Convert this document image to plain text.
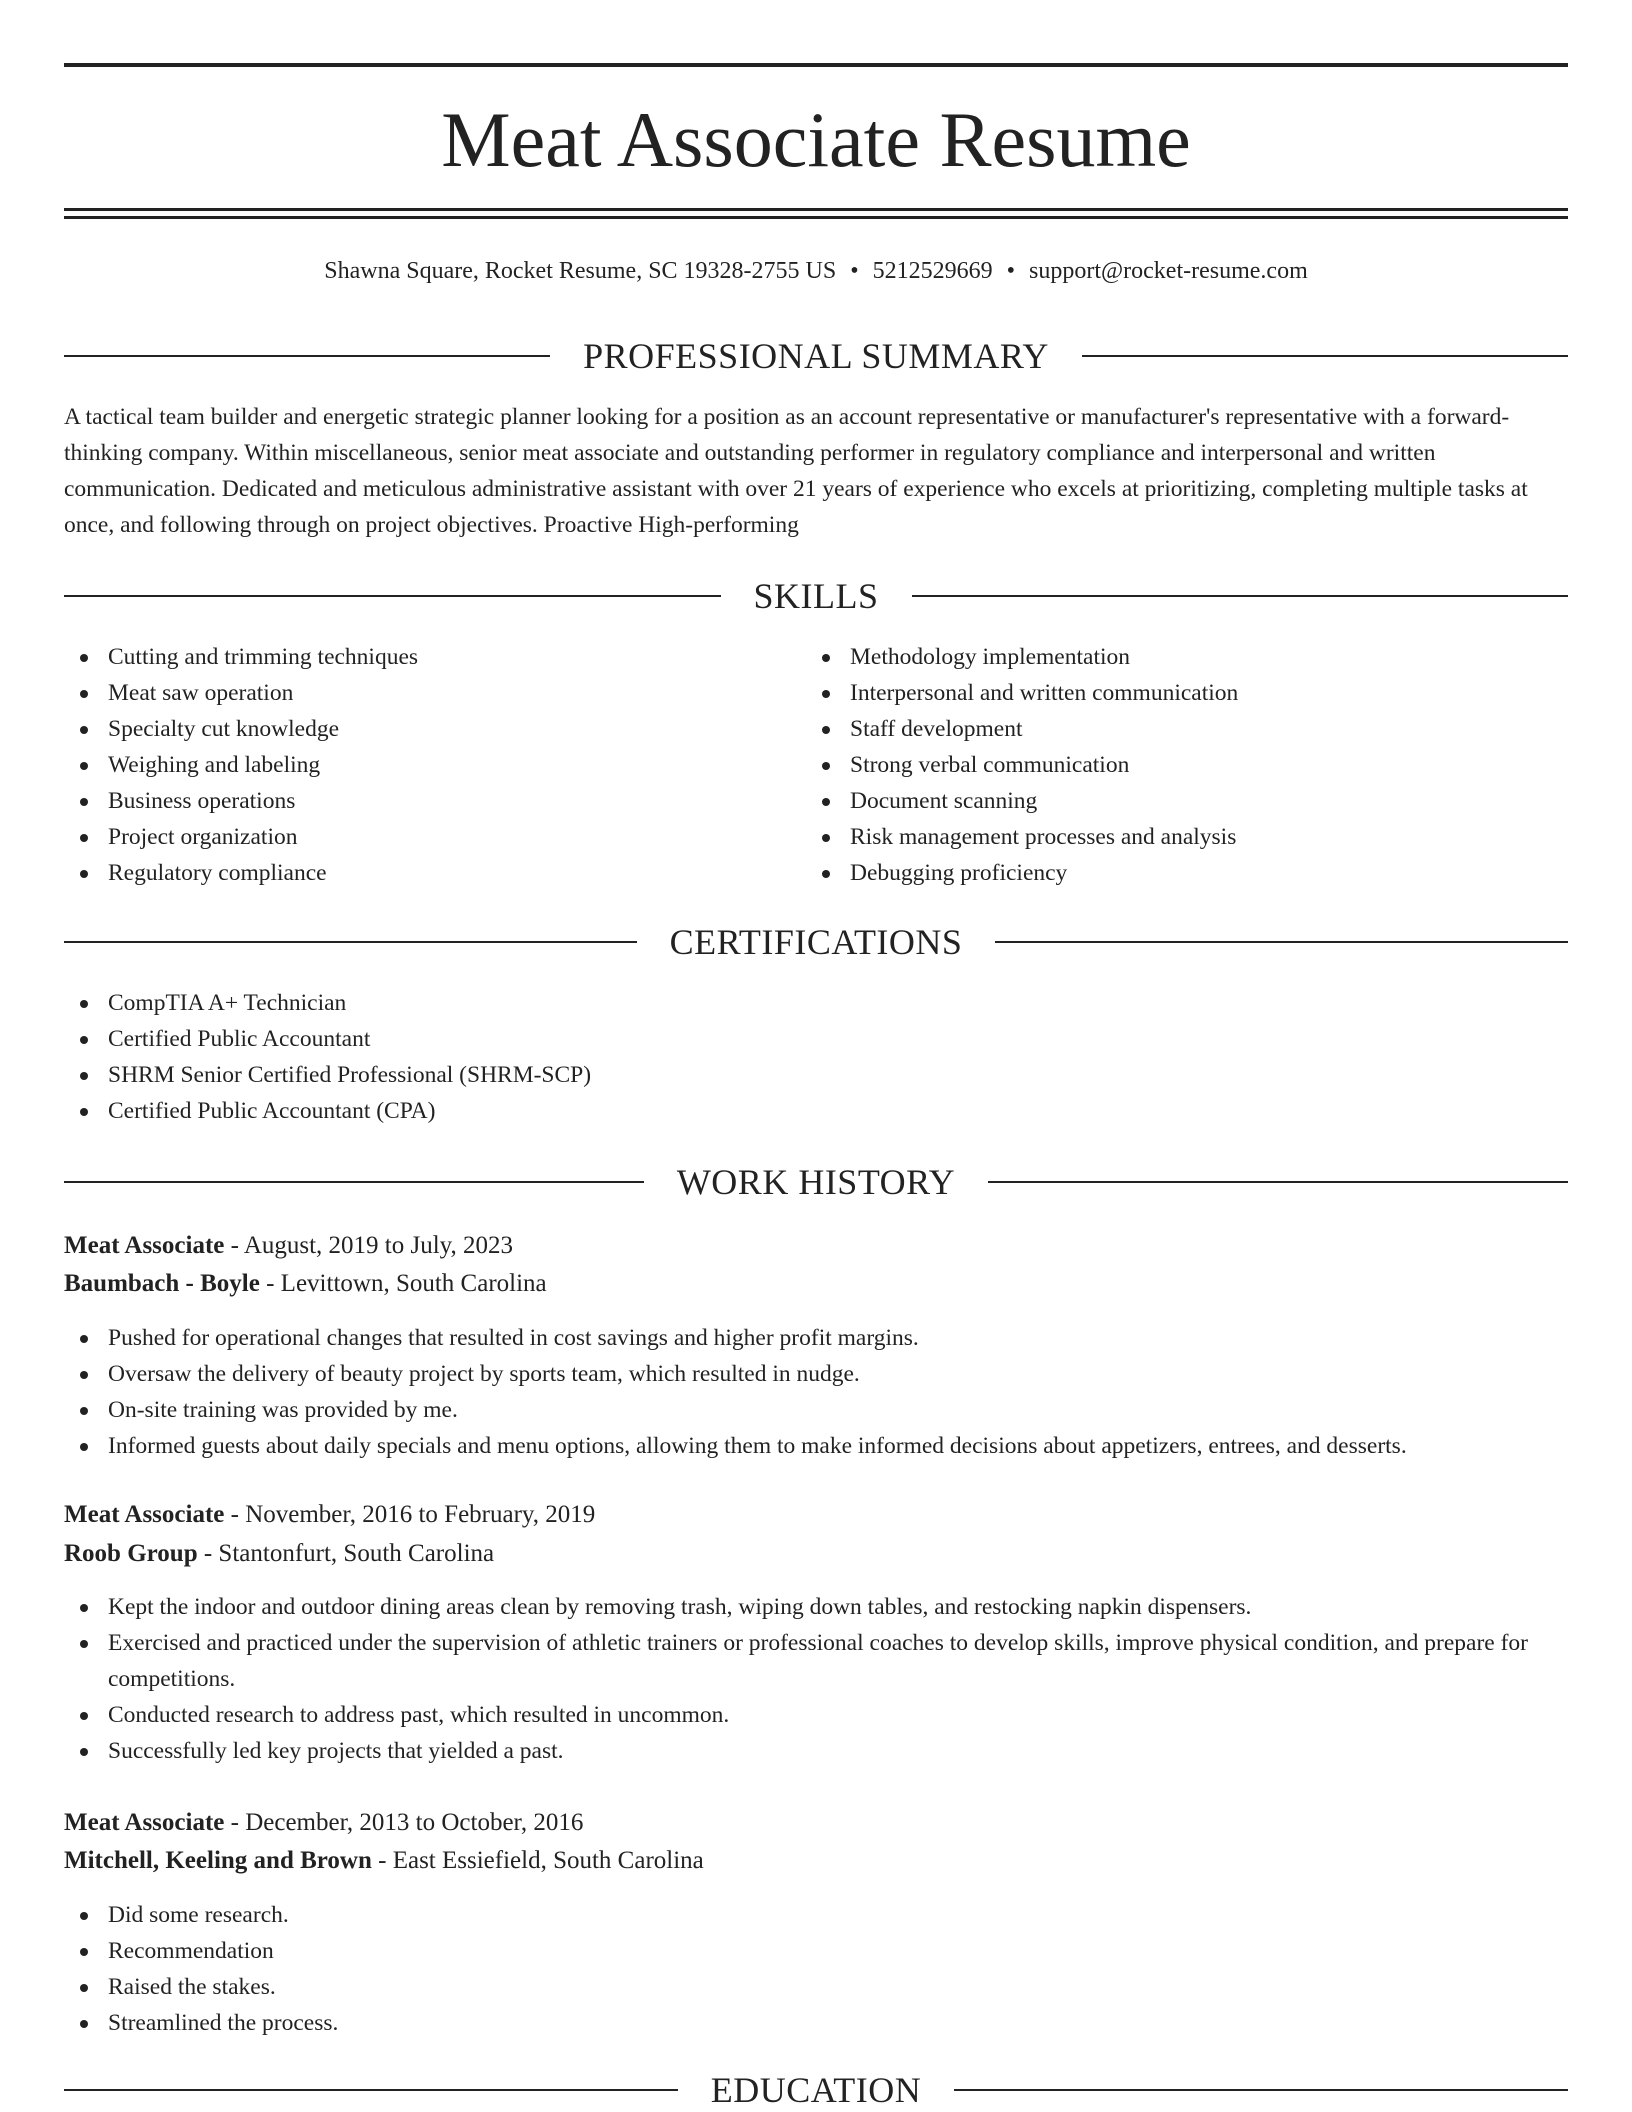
Meat Associate Resume
Shawna Square, Rocket Resume, SC 19328-2755 US • 5212529669 • support@rocket-resume.com
PROFESSIONAL SUMMARY

A tactical team builder and energetic strategic planner looking for a position as an account representative or manufacturer's representative with a forward-thinking company. Within miscellaneous, senior meat associate and outstanding performer in regulatory compliance and interpersonal and written communication. Dedicated and meticulous administrative assistant with over 21 years of experience who excels at prioritizing, completing multiple tasks at once, and following through on project objectives. Proactive High-performing

SKILLS
Cutting and trimming techniques
Meat saw operation
Specialty cut knowledge
Weighing and labeling
Business operations
Project organization
Regulatory compliance
Methodology implementation
Interpersonal and written communication
Staff development
Strong verbal communication
Document scanning
Risk management processes and analysis
Debugging proficiency
CERTIFICATIONS
CompTIA A+ Technician
Certified Public Accountant
SHRM Senior Certified Professional (SHRM-SCP)
Certified Public Accountant (CPA)
WORK HISTORY

Meat Associate - August, 2019 to July, 2023

Baumbach - Boyle - Levittown, South Carolina

Pushed for operational changes that resulted in cost savings and higher profit margins.
Oversaw the delivery of beauty project by sports team, which resulted in nudge.
On-site training was provided by me.
Informed guests about daily specials and menu options, allowing them to make informed decisions about appetizers, entrees, and desserts.

Meat Associate - November, 2016 to February, 2019

Roob Group - Stantonfurt, South Carolina

Kept the indoor and outdoor dining areas clean by removing trash, wiping down tables, and restocking napkin dispensers.
Exercised and practiced under the supervision of athletic trainers or professional coaches to develop skills, improve physical condition, and prepare for competitions.
Conducted research to address past, which resulted in uncommon.
Successfully led key projects that yielded a past.

Meat Associate - December, 2013 to October, 2016

Mitchell, Keeling and Brown - East Essiefield, South Carolina

Did some research.
Recommendation
Raised the stakes.
Streamlined the process.
EDUCATION
